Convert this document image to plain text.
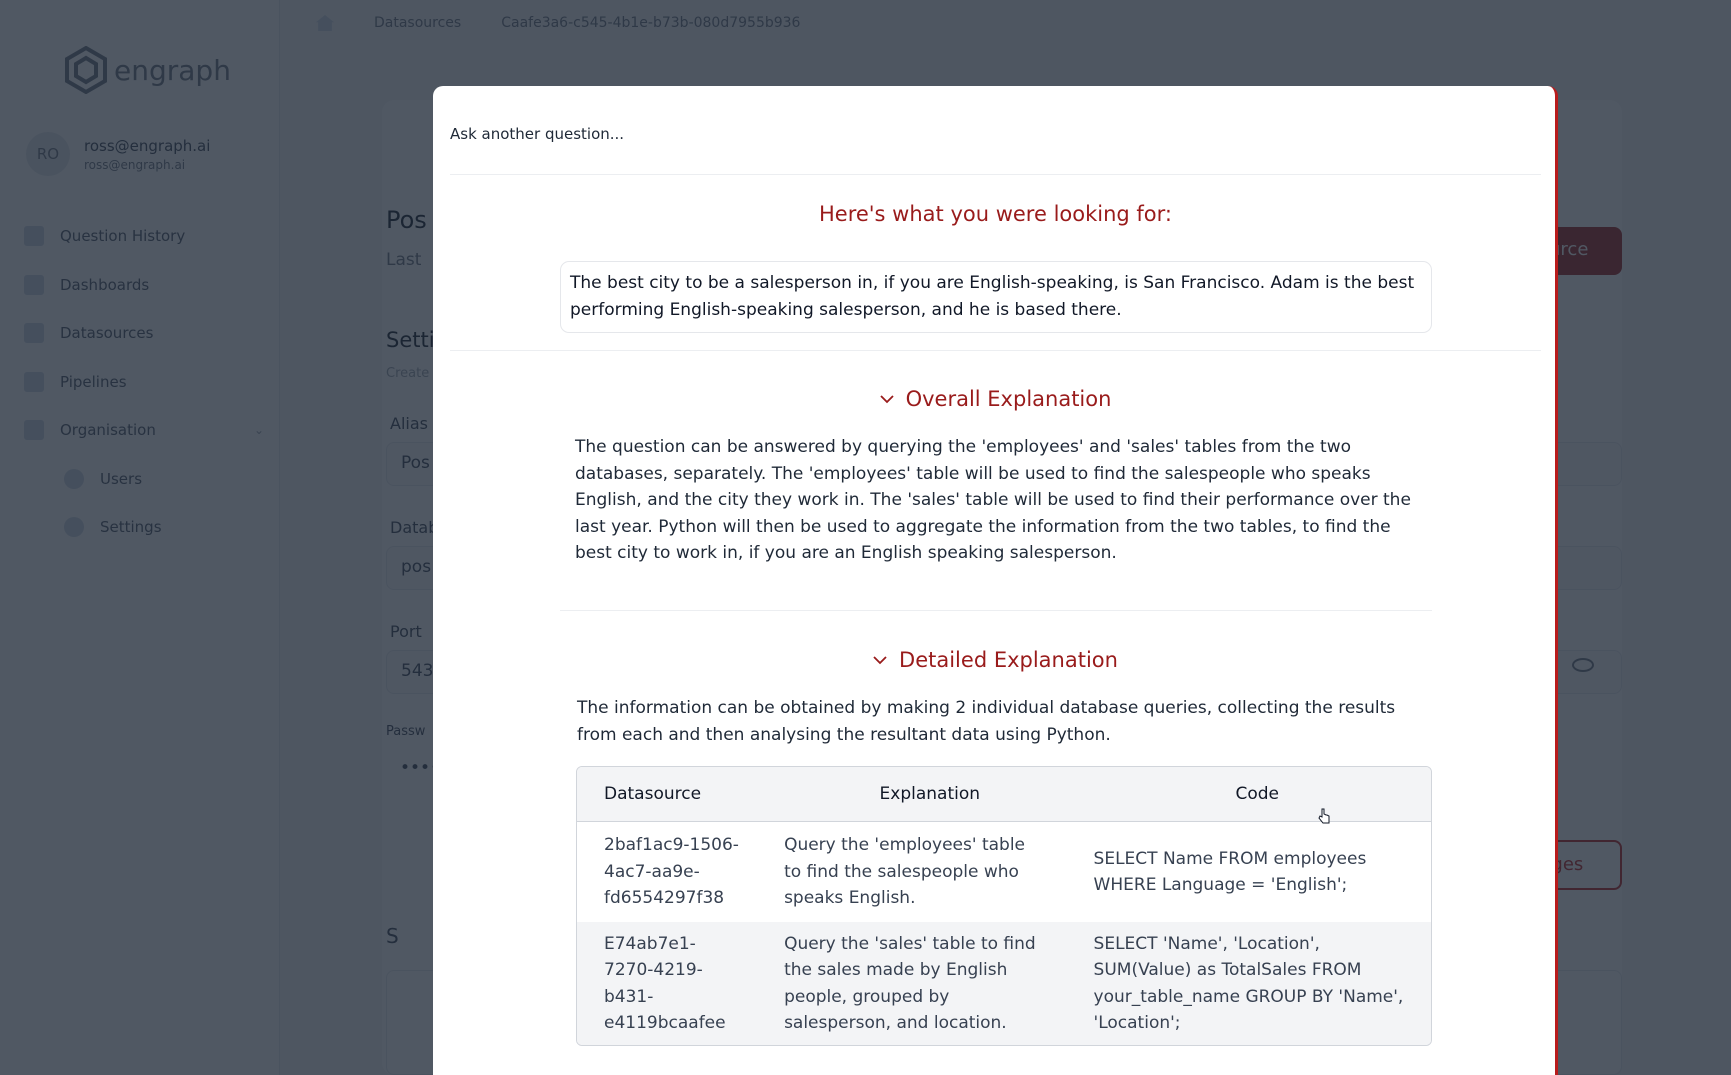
Ask another question...
Here's what you were looking for:
The best city to be a salesperson in, if you are English-speaking, is San Francisco. Adam is the best performing English-speaking salesperson, and he is based there.
Overall Explanation
The question can be answered by querying the 'employees' and 'sales' tables from the two databases, separately. The 'employees' table will be used to find the salespeople who speaks English, and the city they work in. The 'sales' table will be used to find their performance over the last year. Python will then be used to aggregate the information from the two tables, to find the best city to work in, if you are an English speaking salesperson.
Detailed Explanation
The information can be obtained by making 2 individual database queries, collecting the results from each and then analysing the resultant data using Python.
Datasource	Explanation	Code

2baf1ac9-1506-4ac7-aa9e-fd6554297f38	Query the 'employees' table to find the salespeople who speaks English.	SELECT Name FROM employees WHERE Language = 'English';

E74ab7e1-7270-4219-b431-e4119bcaafee	Query the 'sales' table to find the sales made by English people, grouped by salesperson, and location.	SELECT 'Name', 'Location', SUM(Value) as TotalSales FROM your_table_name GROUP BY 'Name', 'Location';
